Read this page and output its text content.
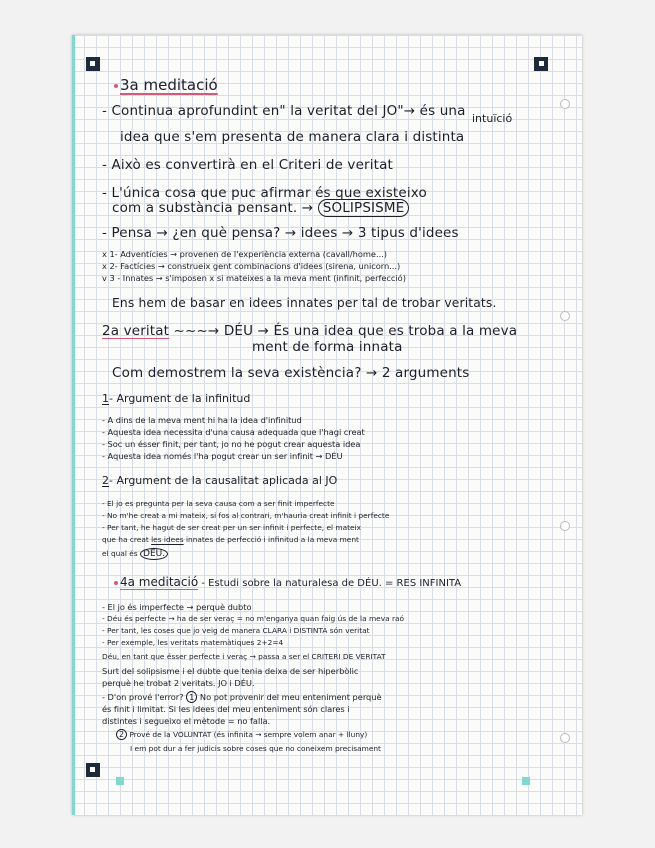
3a meditació
- Continua aprofundint en" la veritat del JO"→ és una intuïció
idea que s'em presenta de manera clara i distinta
- Això es convertirà en el Criteri de veritat
- L'única cosa que puc afirmar és que existeixo
com a substància pensant. → SOLIPSISME
- Pensa → ¿en què pensa? → idees → 3 tipus d'idees
x 1- Adventícies → provenen de l'experiència externa (cavall/home...)
x 2- Factícies → construeix gent combinacions d'idees (sirena, unicorn...)
v 3 - Innates → s'imposen x si mateixes a la meva ment (infinit, perfecció)
Ens hem de basar en idees innates per tal de trobar veritats.
2a veritat ~~~→ DÉU → És una idea que es troba a la meva
ment de forma innata
Com demostrem la seva existència? → 2 arguments
1- Argument de la infinitud
- A dins de la meva ment hi ha la idea d'infinitud
- Aquesta idea necessita d'una causa adequada que l'hagi creat
- Soc un ésser finit, per tant, jo no he pogut crear aquesta idea
- Aquesta idea només l'ha pogut crear un ser infinit → DÉU
2- Argument de la causalitat aplicada al JO
- El jo es pregunta per la seva causa com a ser finit imperfecte
- No m'he creat a mi mateix, si fos al contrari, m'hauria creat infinit i perfecte
- Per tant, he hagut de ser creat per un ser infinit i perfecte, el mateix
que ha creat les idees innates de perfecció i infinitud a la meva ment
el qual és DÉU.
4a meditació - Estudi sobre la naturalesa de DÉU. = RES INFINITA
- El jo és imperfecte → perquè dubto
- Déu és perfecte → ha de ser veraç = no m'enganya quan faig ús de la meva raó
- Per tant, les coses que jo veig de manera CLARA i DISTINTA són veritat
- Per exemple, les veritats matemàtiques 2+2=4
Déu, en tant que ésser perfecte i veraç → passa a ser el CRITERI DE VERITAT
Surt del solipsisme i el dubte que tenia deixa de ser hiperbòlic
perquè he trobat 2 veritats. JO i DÉU.
- D'on prové l'error? 1 No pot provenir del meu enteniment perquè
és finit i limitat. Si les idees del meu enteniment són clares i
distintes i segueixo el mètode = no falla.
2 Prové de la VOLUNTAT (és infinita → sempre volem anar + lluny)
I em pot dur a fer judicis sobre coses que no coneixem precisament
